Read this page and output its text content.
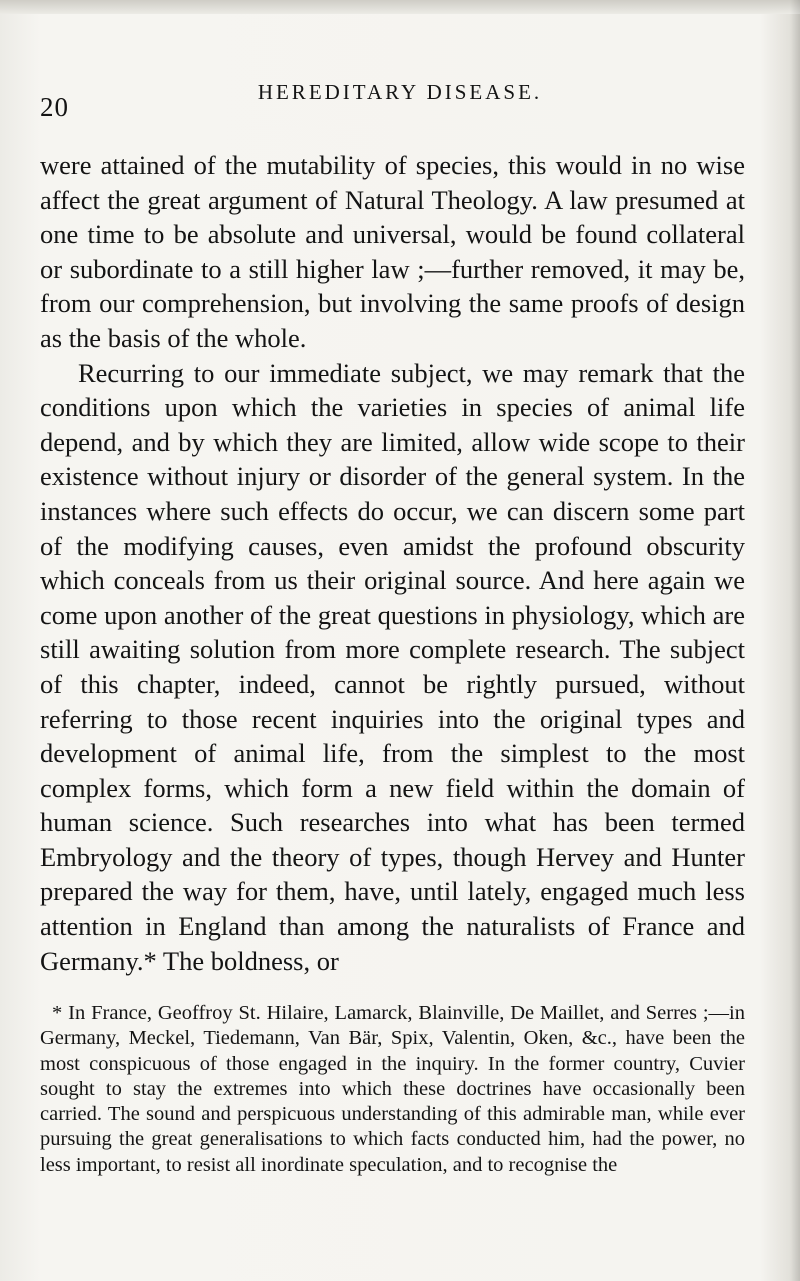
20	HEREDITARY DISEASE.

were attained of the mutability of species, this would in no wise affect the great argument of Natural Theology. A law presumed at one time to be absolute and universal, would be found collateral or subordinate to a still higher law ;—further removed, it may be, from our comprehension, but involving the same proofs of design as the basis of the whole.

Recurring to our immediate subject, we may remark that the conditions upon which the varieties in species of animal life depend, and by which they are limited, allow wide scope to their existence without injury or disorder of the general system. In the instances where such effects do occur, we can discern some part of the modifying causes, even amidst the profound obscurity which conceals from us their original source. And here again we come upon another of the great questions in physiology, which are still awaiting solution from more complete research. The subject of this chapter, indeed, cannot be rightly pursued, without referring to those recent inquiries into the original types and development of animal life, from the simplest to the most complex forms, which form a new field within the domain of human science. Such researches into what has been termed Embryology and the theory of types, though Hervey and Hunter prepared the way for them, have, until lately, engaged much less attention in England than among the naturalists of France and Germany.* The boldness, or

* In France, Geoffroy St. Hilaire, Lamarck, Blainville, De Maillet, and Serres ;—in Germany, Meckel, Tiedemann, Van Bär, Spix, Valentin, Oken, &c., have been the most conspicuous of those engaged in the inquiry. In the former country, Cuvier sought to stay the extremes into which these doctrines have occasionally been carried. The sound and perspicuous understanding of this admirable man, while ever pursuing the great generalisations to which facts conducted him, had the power, no less important, to resist all inordinate speculation, and to recognise the
